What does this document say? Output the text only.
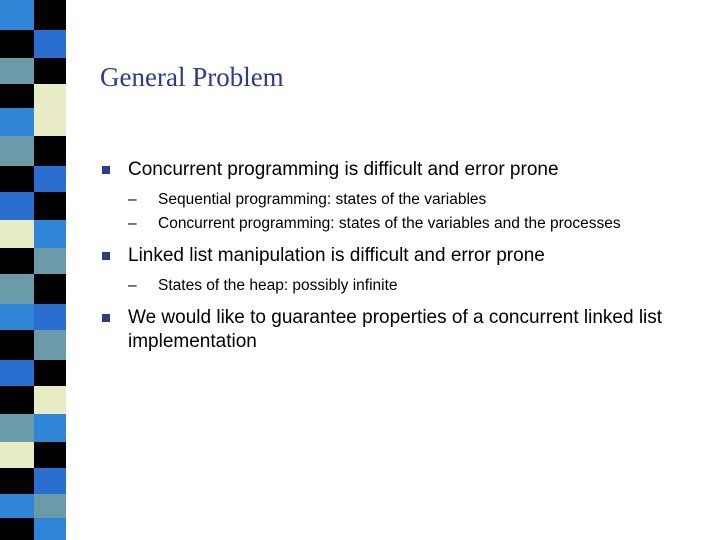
General Problem
Concurrent programming is difficult and error prone
– Sequential programming: states of the variables
– Concurrent programming: states of the variables and the processes
Linked list manipulation is difficult and error prone
– States of the heap: possibly infinite
We would like to guarantee properties of a concurrent linked list implementation
